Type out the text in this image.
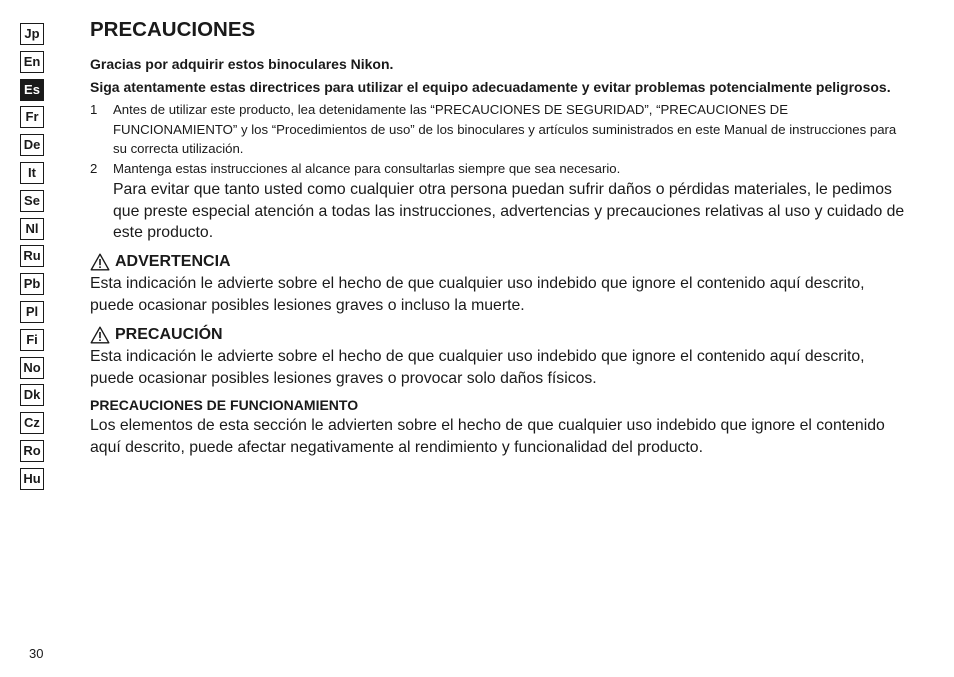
Jp
En
Es
Fr
De
It
Se
Nl
Ru
Pb
Pl
Fi
No
Dk
Cz
Ro
Hu
PRECAUCIONES

Gracias por adquirir estos binoculares Nikon.

Siga atentamente estas directrices para utilizar el equipo adecuadamente y evitar problemas potencialmente peligrosos.

1 Antes de utilizar este producto, lea detenidamente las “PRECAUCIONES DE SEGURIDAD”, “PRECAUCIONES DE FUNCIONAMIENTO” y los “Procedimientos de uso” de los binoculares y artículos suministrados en este Manual de instrucciones para su correcta utilización.
2 Mantenga estas instrucciones al alcance para consultarlas siempre que sea necesario.

Para evitar que tanto usted como cualquier otra persona puedan sufrir daños o pérdidas materiales, le pedimos que preste especial atención a todas las instrucciones, advertencias y precauciones relativas al uso y cuidado de este producto.

ADVERTENCIA

Esta indicación le advierte sobre el hecho de que cualquier uso indebido que ignore el contenido aquí descrito, puede ocasionar posibles lesiones graves o incluso la muerte.

PRECAUCIÓN

Esta indicación le advierte sobre el hecho de que cualquier uso indebido que ignore el contenido aquí descrito, puede ocasionar posibles lesiones graves o provocar solo daños físicos.

PRECAUCIONES DE FUNCIONAMIENTO

Los elementos de esta sección le advierten sobre el hecho de que cualquier uso indebido que ignore el contenido aquí descrito, puede afectar negativamente al rendimiento y funcionalidad del producto.

30
